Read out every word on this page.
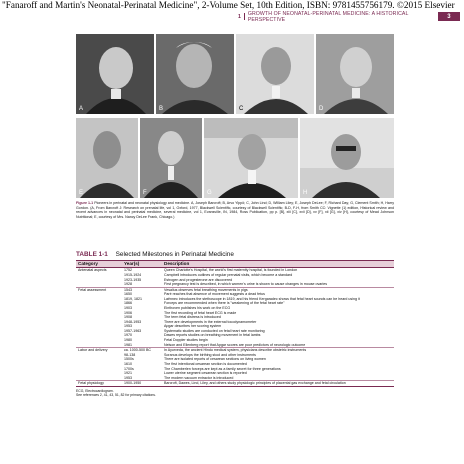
"Fanaroff and Martin's Neonatal-Perinatal Medicine", 2-Volume Set, 10th Edition, ISBN: 9781455756179. ©2015 Elsevier
1 GROWTH OF NEONATAL-PERINATAL MEDICINE: A HISTORICAL PERSPECTIVE	3
A	B	C	D
E	F	G	H
Figure 1-1 Pioneers in perinatal and neonatal physiology and medicine. A, Joseph Barcroft; B, Arvo Ylppö; C, John Lind; D, William Liley; E, Joseph DeLee; F, Richard Day; G, Clement Smith; H, Harry Gordon. (A, From Barcroft J: Research on prenatal life, vol 1, Oxford, 1977, Blackwell Scientific, courtesy of Blackwell Scientific; B-D, F-H, from Smith CC: Vignette (1) edition, Historical review and recent advances in neonatal and perinatal medicine, several medicine, vol 1, Evansville, IN, 1984, Ross Publication, pp p. [B], xiii [C], xvii [D], xv [F], xii [G], xiv [H], courtesy of Mead Johnson Nutritional; E, courtesy of Mrs. Nancy DeLee Frank, Chicago.)
TABLE 1-1 Selected Milestones in Perinatal Medicine
Category	Year(s)	Description
Antenatal aspects	1752	Queen Charlotte's Hospital, the world's first maternity hospital, is founded in London
	1915-1924	Campbell introduces outlines of regular prenatal visits, which become a standard
	1923-1935	Estrogen and progesterone are discovered
	1928	First pregnancy test is described, in which women's urine is shown to cause changes in mouse ovaries
Fetal assessment	1543	Vesalius observes fetal breathing movements in pigs
	1650	Paré reaches that absence of movement suggests a dead fetus
	1819, 1821	Laënnec introduces the stethoscope in 1819, and his friend Kergaradec shows that fetal heart sounds can be heard using it
	1866	Forceps are recommended when there is "weakening of the fetal heart rate"
	1903	Einthoven publishes his work on the ECG
	1906	The first recording of fetal heart ECG is made
	1908	The term fetal distress is introduced
	1948-1953	There are developments in the external tocodynamometer
	1953	Apgar describes her scoring system
	1957-1963	Systematic studies are conducted on fetal heart rate monitoring
	1970	Dawes reports studies on breathing movement in fetal lambs
	1980	Fetal Doppler studies begin
	1981	Nelson and Ellenberg report that Apgar scores are poor predictors of neurologic outcome
Labor and delivery	ca. 1000-500 BC	In Ayurveda, the ancient Hindu medical system, physicians describe obstetric instruments
	98-138	Soranus develops the birthing stool and other instruments
	1500s	There are isolated reports of cesarean sections on living women
	1610	The first intentional cesarean section is documented
	1700s	The Chamberlen forceps are kept as a family secret for three generations
	1921	Lower uterine segment cesarean section is reported
	1953	The modern vacuum extractor is introduced
Fetal physiology	1900-1950	Barcroft, Dawes, Lind, Liley, and others study physiologic principles of placental gas exchange and fetal circulation
ECG, Electrocardiogram.
See references 2, 41, 43, 51, 82 for primary citations.
